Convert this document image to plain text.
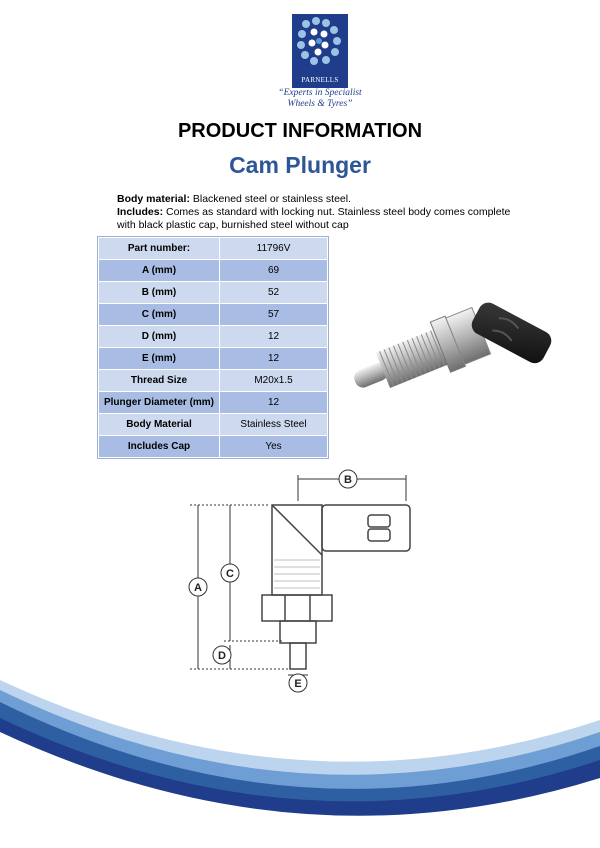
PARNELLS
“Experts in Specialist
Wheels & Tyres”
PRODUCT INFORMATION
Cam Plunger
Body material: Blackened steel or stainless steel.
Includes: Comes as standard with locking nut. Stainless steel body comes complete
with black plastic cap, burnished steel without cap
Part number:	11796V
A (mm)	69
B (mm)	52
C (mm)	57
D (mm)	12
E (mm)	12
Thread Size	M20x1.5
Plunger Diameter (mm)	12
Body Material	Stainless Steel
Includes Cap	Yes
B
A
C
D
E
